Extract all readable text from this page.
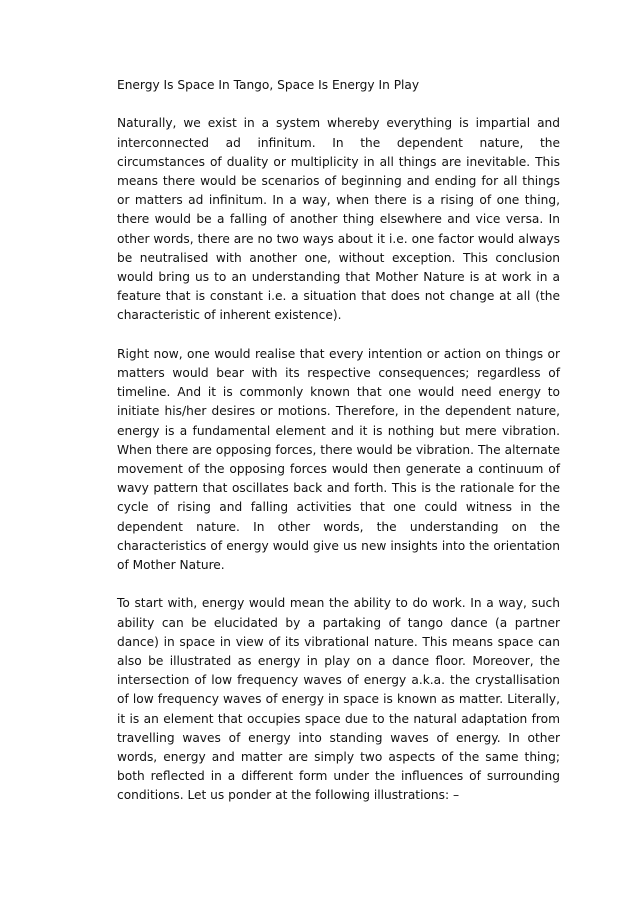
Energy Is Space In Tango, Space Is Energy In Play

Naturally, we exist in a system whereby everything is impartial and interconnected ad infinitum. In the dependent nature, the circumstances of duality or multiplicity in all things are inevitable. This means there would be scenarios of beginning and ending for all things or matters ad infinitum. In a way, when there is a rising of one thing, there would be a falling of another thing elsewhere and vice versa. In other words, there are no two ways about it i.e. one factor would always be neutralised with another one, without exception. This conclusion would bring us to an understanding that Mother Nature is at work in a feature that is constant i.e. a situation that does not change at all (the characteristic of inherent existence).

Right now, one would realise that every intention or action on things or matters would bear with its respective consequences; regardless of timeline. And it is commonly known that one would need energy to initiate his/her desires or motions. Therefore, in the dependent nature, energy is a fundamental element and it is nothing but mere vibration. When there are opposing forces, there would be vibration. The alternate movement of the opposing forces would then generate a continuum of wavy pattern that oscillates back and forth. This is the rationale for the cycle of rising and falling activities that one could witness in the dependent nature. In other words, the understanding on the characteristics of energy would give us new insights into the orientation of Mother Nature.

To start with, energy would mean the ability to do work. In a way, such ability can be elucidated by a partaking of tango dance (a partner dance) in space in view of its vibrational nature. This means space can also be illustrated as energy in play on a dance floor. Moreover, the intersection of low frequency waves of energy a.k.a. the crystallisation of low frequency waves of energy in space is known as matter. Literally, it is an element that occupies space due to the natural adaptation from travelling waves of energy into standing waves of energy. In other words, energy and matter are simply two aspects of the same thing; both reflected in a different form under the influences of surrounding conditions. Let us ponder at the following illustrations: –
